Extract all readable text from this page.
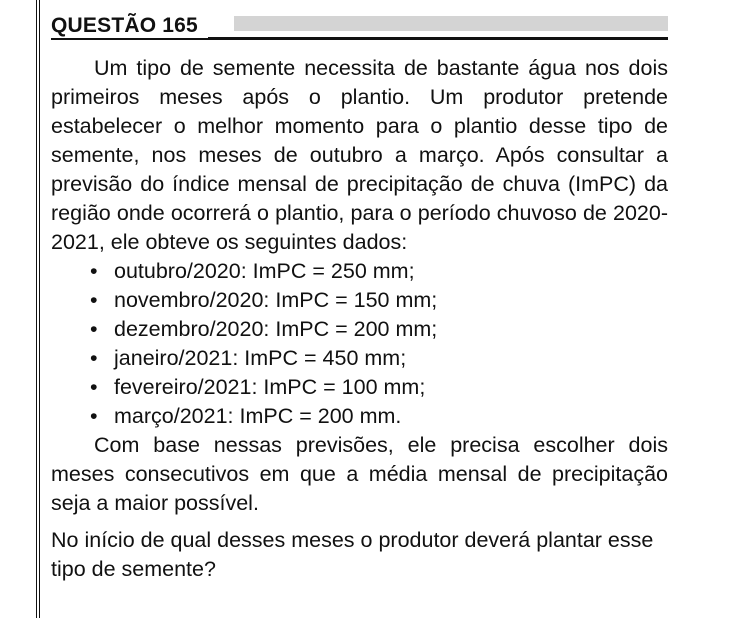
QUESTÃO 165

Um tipo de semente necessita de bastante água nos dois primeiros meses após o plantio. Um produtor pretende estabelecer o melhor momento para o plantio desse tipo de semente, nos meses de outubro a março. Após consultar a previsão do índice mensal de precipitação de chuva (ImPC) da região onde ocorrerá o plantio, para o período chuvoso de 2020-2021, ele obteve os seguintes dados:

• outubro/2020: ImPC = 250 mm;
• novembro/2020: ImPC = 150 mm;
• dezembro/2020: ImPC = 200 mm;
• janeiro/2021: ImPC = 450 mm;
• fevereiro/2021: ImPC = 100 mm;
• março/2021: ImPC = 200 mm.

Com base nessas previsões, ele precisa escolher dois meses consecutivos em que a média mensal de precipitação seja a maior possível.

No início de qual desses meses o produtor deverá plantar esse tipo de semente?
